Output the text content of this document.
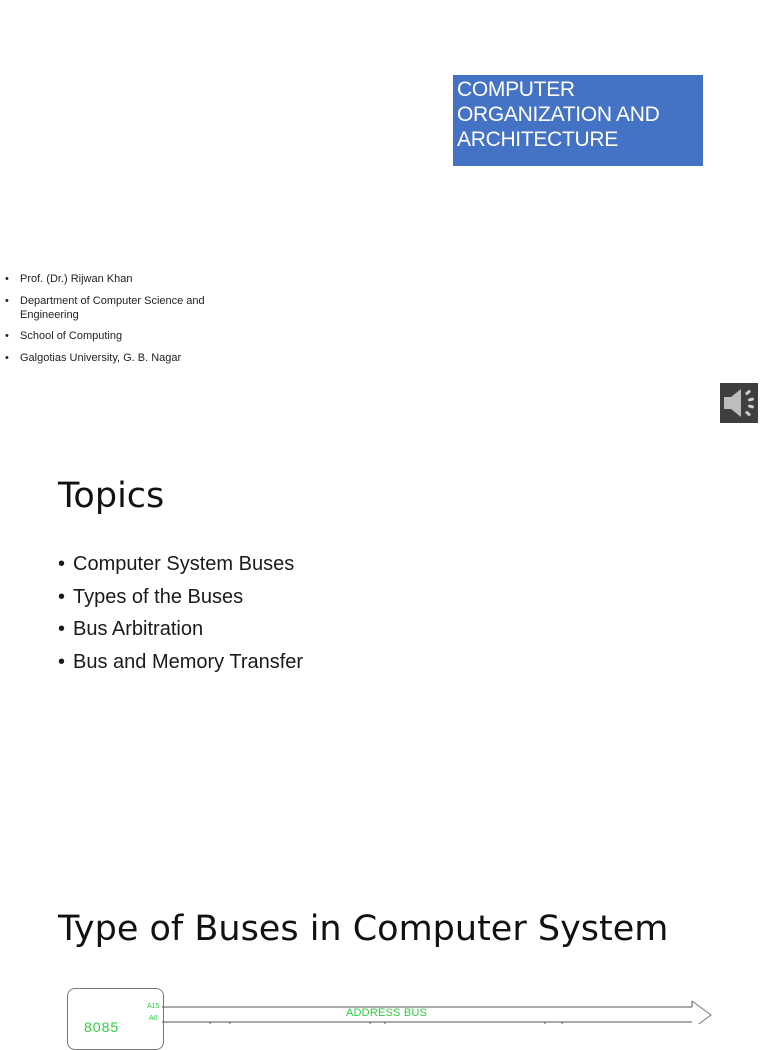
COMPUTER
ORGANIZATION AND
ARCHITECTURE
• Prof. (Dr.) Rijwan Khan
• Department of Computer Science and Engineering
• School of Computing
• Galgotias University, G. B. Nagar
Topics
• Computer System Buses
• Types of the Buses
• Bus Arbitration
• Bus and Memory Transfer
Type of Buses in Computer System
8085
A15
A0	ADDRESS BUS
